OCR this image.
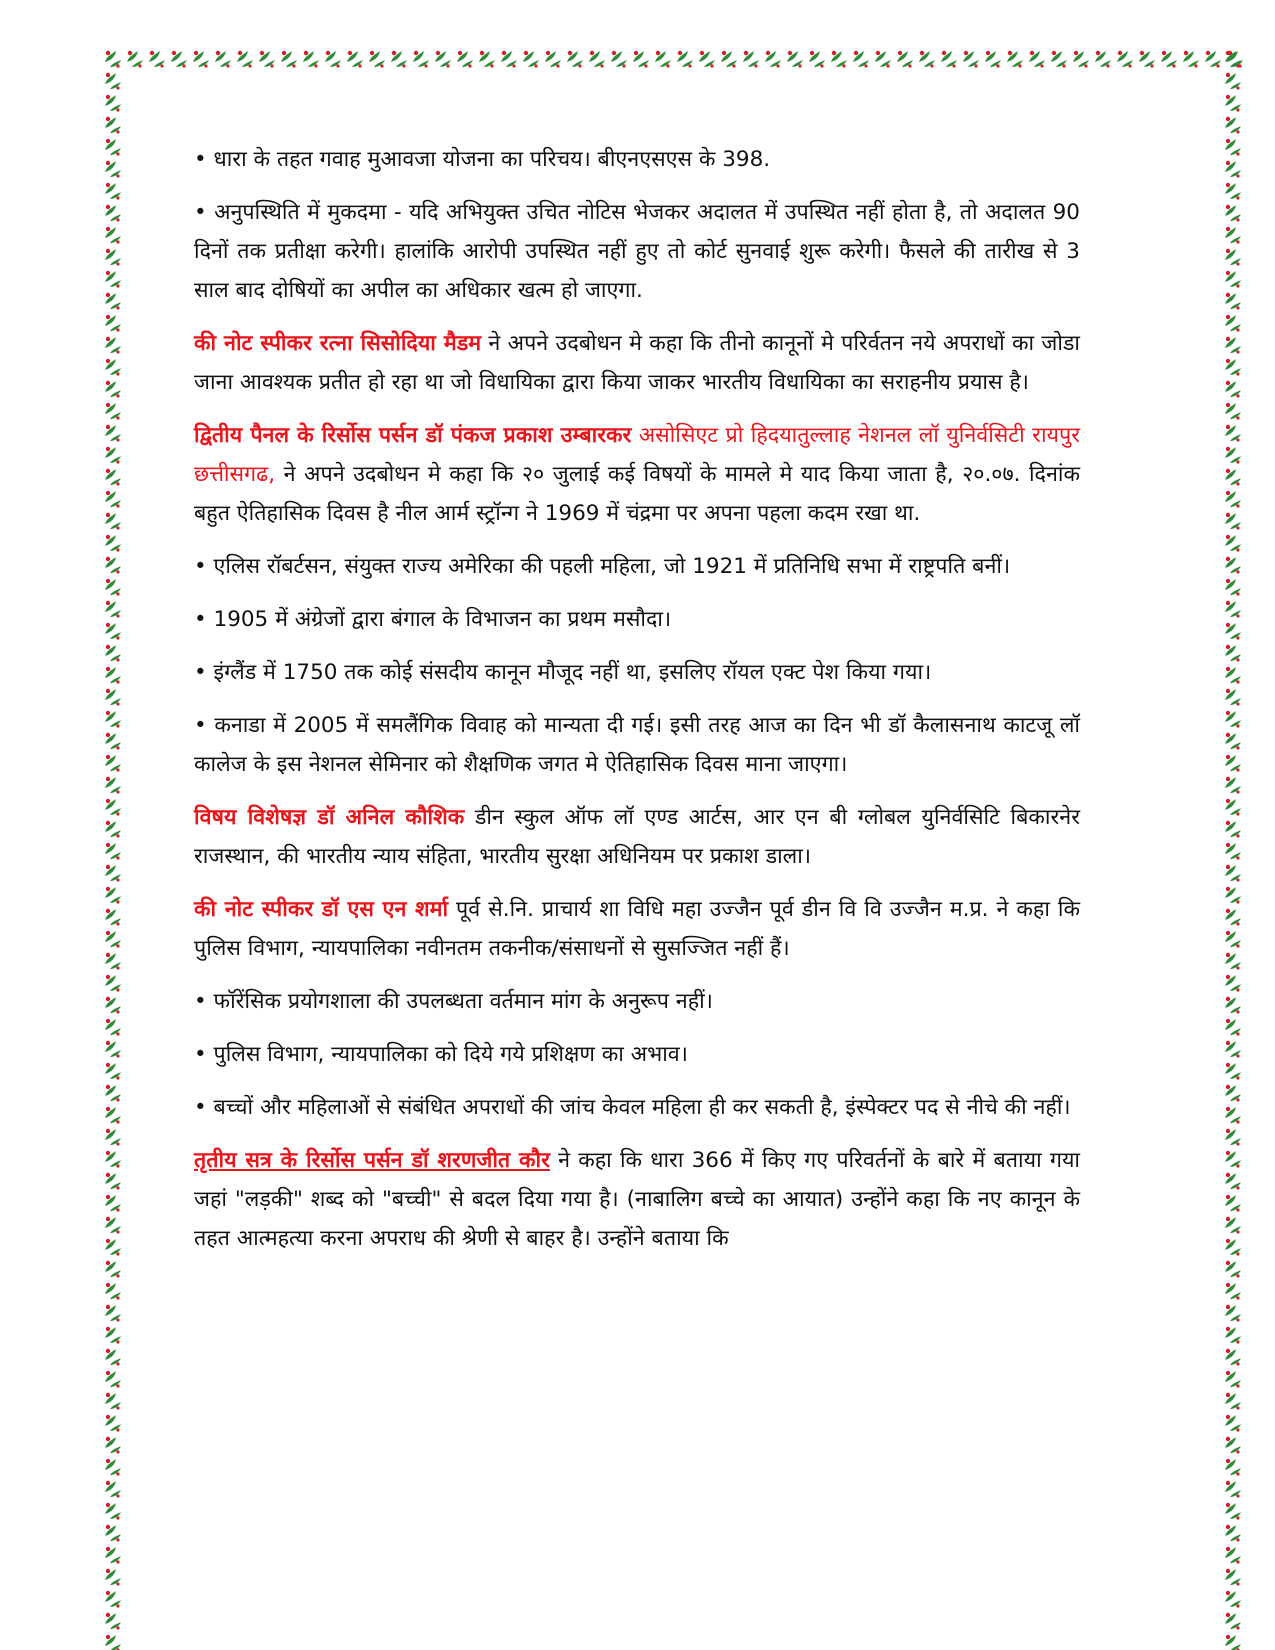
• धारा के तहत गवाह मुआवजा योजना का परिचय। बीएनएसएस के 398.

• अनुपस्थिति में मुकदमा - यदि अभियुक्त उचित नोटिस भेजकर अदालत में उपस्थित नहीं होता है, तो अदालत 90 दिनों तक प्रतीक्षा करेगी। हालांकि आरोपी उपस्थित नहीं हुए तो कोर्ट सुनवाई शुरू करेगी। फैसले की तारीख से 3 साल बाद दोषियों का अपील का अधिकार खत्म हो जाएगा.

की नोट स्पीकर रत्ना सिसोदिया मैडम ने अपने उदबोधन मे कहा कि तीनो कानूनों मे परिर्वतन नये अपराधों का जोडा जाना आवश्यक प्रतीत हो रहा था जो विधायिका द्वारा किया जाकर भारतीय विधायिका का सराहनीय प्रयास है।

द्वितीय पैनल के रिर्सोस पर्सन डॉ पंकज प्रकाश उम्बारकर असोसिएट प्रो हिदयातुल्लाह नेशनल लॉ युनिर्वसिटी रायपुर छत्तीसगढ, ने अपने उदबोधन मे कहा कि २० जुलाई कई विषयों के मामले मे याद किया जाता है, २०.०७. दिनांक बहुत ऐतिहासिक दिवस है नील आर्म स्ट्रॉन्ग ने 1969 में चंद्रमा पर अपना पहला कदम रखा था.

• एलिस रॉबर्टसन, संयुक्त राज्य अमेरिका की पहली महिला, जो 1921 में प्रतिनिधि सभा में राष्ट्रपति बनीं।

• 1905 में अंग्रेजों द्वारा बंगाल के विभाजन का प्रथम मसौदा।

• इंग्लैंड में 1750 तक कोई संसदीय कानून मौजूद नहीं था, इसलिए रॉयल एक्ट पेश किया गया।

• कनाडा में 2005 में समलैंगिक विवाह को मान्यता दी गई। इसी तरह आज का दिन भी डॉ कैलासनाथ काटजू लॉ कालेज के इस नेशनल सेमिनार को शैक्षणिक जगत मे ऐतिहासिक दिवस माना जाएगा।

विषय विशेषज्ञ डॉ अनिल कौशिक डीन स्कुल ऑफ लॉ एण्ड आर्टस, आर एन बी ग्लोबल युनिर्वसिटि बिकारनेर राजस्थान, की भारतीय न्याय संहिता, भारतीय सुरक्षा अधिनियम पर प्रकाश डाला।

की नोट स्पीकर डॉ एस एन शर्मा पूर्व से.नि. प्राचार्य शा विधि महा उज्जैन पूर्व डीन वि वि उज्जैन म.प्र. ने कहा कि पुलिस विभाग, न्यायपालिका नवीनतम तकनीक/संसाधनों से सुसज्जित नहीं हैं।

• फॉरेंसिक प्रयोगशाला की उपलब्धता वर्तमान मांग के अनुरूप नहीं।

• पुलिस विभाग, न्यायपालिका को दिये गये प्रशिक्षण का अभाव।

• बच्चों और महिलाओं से संबंधित अपराधों की जांच केवल महिला ही कर सकती है, इंस्पेक्टर पद से नीचे की नहीं।

तृतीय सत्र के रिर्सोस पर्सन डॉ शरणजीत कौर ने कहा कि धारा 366 में किए गए परिवर्तनों के बारे में बताया गया जहां "लड़की" शब्द को "बच्ची" से बदल दिया गया है। (नाबालिग बच्चे का आयात) उन्होंने कहा कि नए कानून के तहत आत्महत्या करना अपराध की श्रेणी से बाहर है। उन्होंने बताया कि
